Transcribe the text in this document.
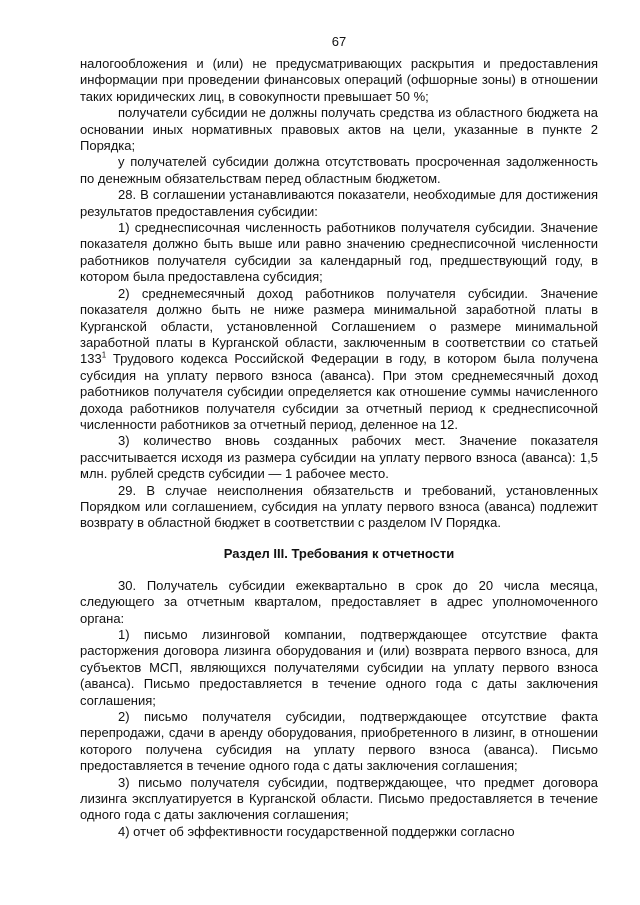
67

налогообложения и (или) не предусматривающих раскрытия и предоставления информации при проведении финансовых операций (офшорные зоны) в отношении таких юридических лиц, в совокупности превышает 50 %;

получатели субсидии не должны получать средства из областного бюджета на основании иных нормативных правовых актов на цели, указанные в пункте 2 Порядка;

у получателей субсидии должна отсутствовать просроченная задолженность по денежным обязательствам перед областным бюджетом.

28. В соглашении устанавливаются показатели, необходимые для достижения результатов предоставления субсидии:

1) среднесписочная численность работников получателя субсидии. Значение показателя должно быть выше или равно значению среднесписочной численности работников получателя субсидии за календарный год, предшествующий году, в котором была предоставлена субсидия;

2) среднемесячный доход работников получателя субсидии. Значение показателя должно быть не ниже размера минимальной заработной платы в Курганской области, установленной Соглашением о размере минимальной заработной платы в Курганской области, заключенным в соответствии со статьей $133^1$ Трудового кодекса Российской Федерации в году, в котором была получена субсидия на уплату первого взноса (аванса). При этом среднемесячный доход работников получателя субсидии определяется как отношение суммы начисленного дохода работников получателя субсидии за отчетный период к среднесписочной численности работников за отчетный период, деленное на 12.

3) количество вновь созданных рабочих мест. Значение показателя рассчитывается исходя из размера субсидии на уплату первого взноса (аванса): 1,5 млн. рублей средств субсидии — 1 рабочее место.

29. В случае неисполнения обязательств и требований, установленных Порядком или соглашением, субсидия на уплату первого взноса (аванса) подлежит возврату в областной бюджет в соответствии с разделом IV Порядка.

Раздел III. Требования к отчетности

30. Получатель субсидии ежеквартально в срок до 20 числа месяца, следующего за отчетным кварталом, предоставляет в адрес уполномоченного органа:

1) письмо лизинговой компании, подтверждающее отсутствие факта расторжения договора лизинга оборудования и (или) возврата первого взноса, для субъектов МСП, являющихся получателями субсидии на уплату первого взноса (аванса). Письмо предоставляется в течение одного года с даты заключения соглашения;

2) письмо получателя субсидии, подтверждающее отсутствие факта перепродажи, сдачи в аренду оборудования, приобретенного в лизинг, в отношении которого получена субсидия на уплату первого взноса (аванса). Письмо предоставляется в течение одного года с даты заключения соглашения;

3) письмо получателя субсидии, подтверждающее, что предмет договора лизинга эксплуатируется в Курганской области. Письмо предоставляется в течение одного года с даты заключения соглашения;

4) отчет об эффективности государственной поддержки согласно
